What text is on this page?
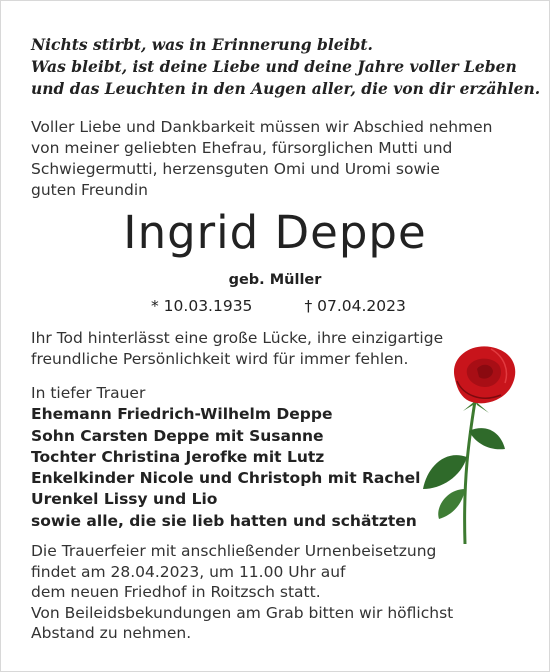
Nichts stirbt, was in Erinnerung bleibt.
Was bleibt, ist deine Liebe und deine Jahre voller Leben
und das Leuchten in den Augen aller, die von dir erzählen.
Voller Liebe und Dankbarkeit müssen wir Abschied nehmen
von meiner geliebten Ehefrau, fürsorglichen Mutti und
Schwiegermutti, herzensguten Omi und Uromi sowie
guten Freundin
Ingrid Deppe
geb. Müller
* 10.03.1935	† 07.04.2023
Ihr Tod hinterlässt eine große Lücke, ihre einzigartige
freundliche Persönlichkeit wird für immer fehlen.
In tiefer Trauer
Ehemann Friedrich-Wilhelm Deppe
Sohn Carsten Deppe mit Susanne
Tochter Christina Jerofke mit Lutz
Enkelkinder Nicole und Christoph mit Rachel
Urenkel Lissy und Lio
sowie alle, die sie lieb hatten und schätzten
Die Trauerfeier mit anschließender Urnenbeisetzung
findet am 28.04.2023, um 11.00 Uhr auf
dem neuen Friedhof in Roitzsch statt.
Von Beileidsbekundungen am Grab bitten wir höflichst
Abstand zu nehmen.
